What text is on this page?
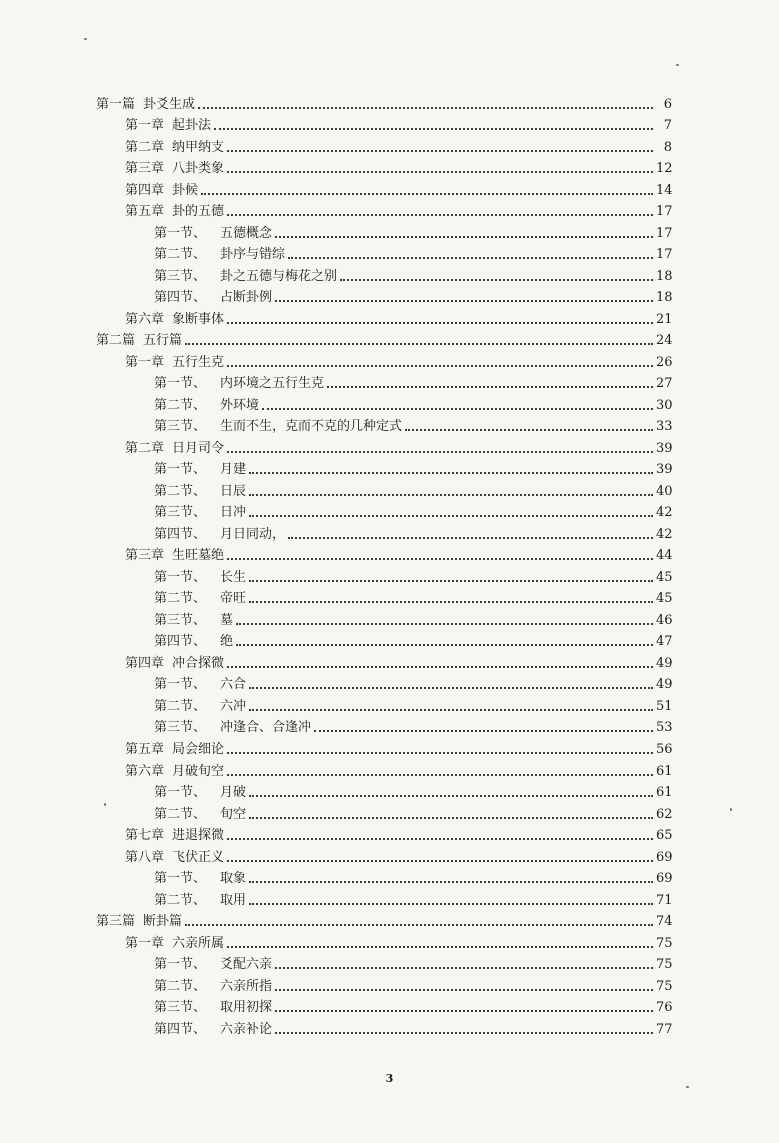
第一篇 卦爻生成	6
第一章 起卦法	7
第二章 纳甲纳支	8
第三章 八卦类象	12
第四章 卦候	14
第五章 卦的五德	17
第一节、 五德概念	17
第二节、 卦序与错综	17
第三节、 卦之五德与梅花之别	18
第四节、 占断卦例	18
第六章 象断事体	21
第二篇 五行篇	24
第一章 五行生克	26
第一节、 内环境之五行生克	27
第二节、 外环境	30
第三节、 生而不生，克而不克的几种定式	33
第二章 日月司令	39
第一节、 月建	39
第二节、 日辰	40
第三节、 日冲	42
第四节、 月日同动，	42
第三章 生旺墓绝	44
第一节、 长生	45
第二节、 帝旺	45
第三节、 墓	46
第四节、 绝	47
第四章 冲合探微	49
第一节、 六合	49
第二节、 六冲	51
第三节、 冲逢合、合逢冲	53
第五章 局会细论	56
第六章 月破旬空	61
第一节、 月破	61
第二节、 旬空	62
第七章 进退探微	65
第八章 飞伏正义	69
第一节、 取象	69
第二节、 取用	71
第三篇 断卦篇	74
第一章 六亲所属	75
第一节、 爻配六亲	75
第二节、 六亲所指	75
第三节、 取用初探	76
第四节、 六亲补论	77
3
